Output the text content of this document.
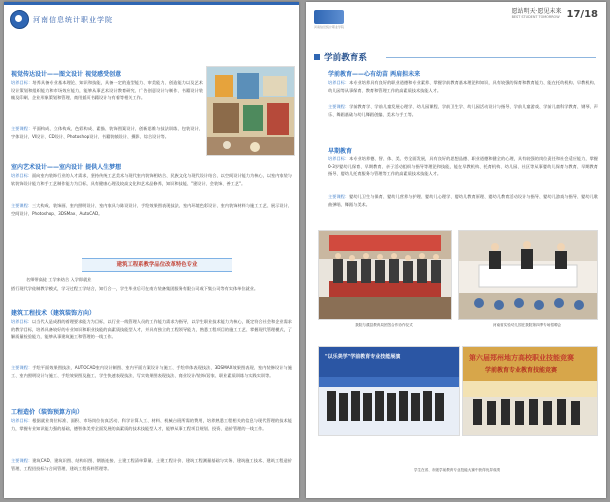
河南信息统计职业学院
视觉传达设计——图文设计 视觉感受创意
培养目标：培养具备专业基本理论、知识和技能，具备一定的造型能力、审美能力、创造能力以及艺术设计策划和组织能力和市场效应能力，能够从事艺术设计教育研究、广告创意设计与制作、书籍设计装帧及印刷、企业形象策划和管理、商用插页书籍设计与有着等相关工作。
主要课程：平面构成、立体构成、色彩构成、素描、装饰图案设计、创新思维与技法训练、包装设计、字体设计、VI设计、CD设计、Photoshop设计、书籍装帧设计、摄影、综合设计等。
室内艺术设计——室内设计 提供人生梦想
培养目标：面向室内装饰行业的人才需求，坚持传统工艺美术与现代室内装饰相结合、民族文化与现代设计结合、以空间设计能力为核心，以室内家装与软装饰设计能力和手工艺制作能力为目标，具有健康心理及较高文化和艺术品修养，知识和技能、"建设计、会装饰、善工艺"。
主要课程：三大构成、装饰画、室内照明设计、室内家具与陈设设计、手绘效果图表现技法、室内环境色彩设计、室内装饰材料与施工工艺、展示设计、空间设计、Photoshop、3DSMax、AutoCAD。
建筑工程系教学品位改革特色专业
名师带高徒 工学来结合 入学即就业
搭行现代学徒制教学模式，学习过程工学结合，知行合一，学生毕业后可在南方装备集团服务有限公司或下集公司等有实体单位就业。
建筑工程技术（建筑装饰方向）
培养目标：以当代人是成群的着理要求能力为目标，以行业一线管理人员的工作能力需求为指导，以学生职业技术能力为核心，既定符合社会和企业需求的教学目标，培养具备较好的专业知识和职业技能的高素质技能型人才，并具有独立的工程领导能力，熟悉工程项目的施工工艺、掌握现代管理模式，了解质量检验能力，能够从事建筑施工和管理的一线工作。
主要课程：手绘平面效果图技法、AUTOCAD室内设计制图、室内平面方案设计与施工、手绘草体表现技法、3DSMAX效果图表现、室内装修设计与施工、室内照明设计与施工、手绘效果图及施工、学生快速表现技法、写实效果图表现技法、商业设计/装饰/居家、职业素质训练与实践实训等。
工程造价（装饰预算方向）
培养目标：根据就业岗位标准、面积、市场岗位仿真活动、科学计算人工、材料、机械台班所需的费用，培养熟悉工程相关的信息与现代管理的技术能力，掌握专业知识能力强的基础，德智体美劳全面发展的高素质的技术技能型人才，能够从事工程项目规划、投资、造价管理的一线工作。
主要课程：建筑CAD、建筑识图、结构识图、钢筋连接、土建工程清单算量、土建工程计价、建筑工程测量基础与实务、建筑施工技术、建筑工程造价管理、工程招投标与合同管理、建筑工程资料管理等。
河南信息统计职业学院
愿站明天·愿见未来
BEST STUDENT TOMORROW 17/18
学前教育系
学前教育——心有幼苗 两肩担未来
培养目标：本专业培养具有良好的职业道德和专业素养、掌握学前教育基本理论和知识，具有较强的保育和教育能力、能在托幼机构、早教机构、幼儿园等从事保育、教育和管理工作的高素质技术技能人才。
主要课程：学前教育学、学前儿童发展心理学、幼儿园课程、学前卫生学、幼儿园活动设计与指导、学前儿童游戏、学前儿童科学教育、钢琴、声乐、舞蹈基础与幼儿舞蹈创编、美术与手工等。
早期教育
培养目标：本专业培养德、智、体、美、劳全面发展，具有良好的思想品德、职业道德和健全的心理，具有较强的岗位责任和社会适应能力，掌握0-3岁婴幼儿保育、早期教育、亲子活动组织与指导等理论和技能，能在早教机构、托育机构、幼儿园、社区等从事婴幼儿保育与教育、早期教育指导、婴幼儿托育服务与管理等工作的高素质技术技能人才。
主要课程：婴幼儿卫生与保育、婴幼儿营养与护理、婴幼儿心理学、婴幼儿教育原理、婴幼儿教育活动设计与指导、婴幼儿游戏与指导、婴幼儿歌曲弹唱、舞蹈与美术。
我院与濮县教育局团签合作协作仪式	河南省实验幼儿园在我院第四季专场招聘会
"以乐美学"学前教育专业技能展演	第六届郑州地方高校职业技能竞赛
学前教育专业教育技能竞赛
学生在省、市级学前教育专业技能大赛中获得优异成绩
